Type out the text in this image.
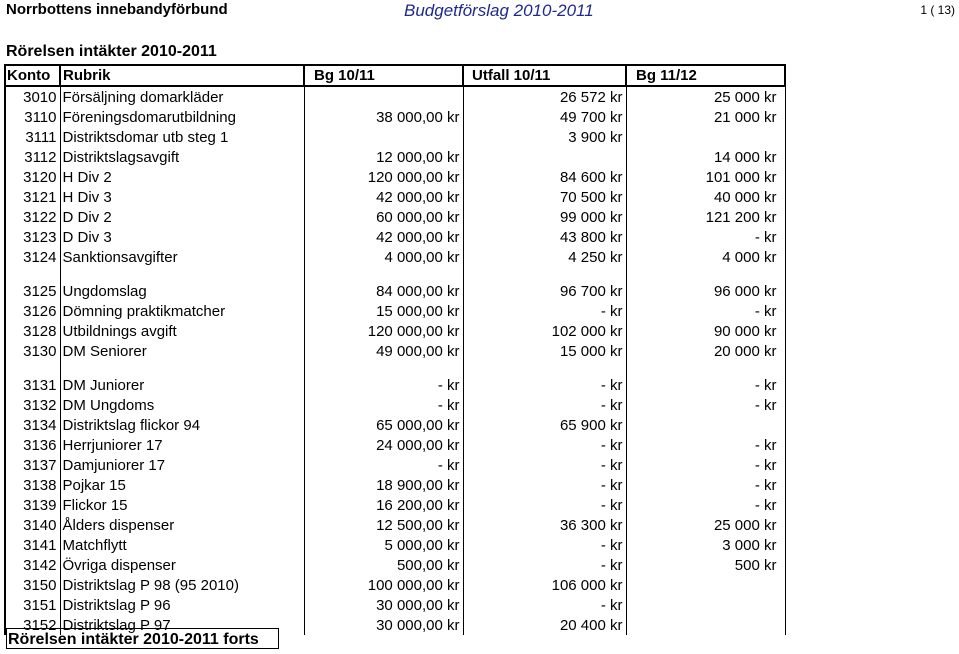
Norrbottens innebandyförbund	Budgetförslag 2010-2011	1 ( 13)
Rörelsen intäkter 2010-2011
Konto	Rubrik	Bg 10/11	Utfall 10/11	Bg 11/12
3010	Försäljning domarkläder		26 572 kr	25 000 kr
3110	Föreningsdomarutbildning	38 000,00 kr	49 700 kr	21 000 kr
3111	Distriktsdomar utb steg 1		3 900 kr	
3112	Distriktslagsavgift	12 000,00 kr		14 000 kr
3120	H Div 2	120 000,00 kr	84 600 kr	101 000 kr
3121	H Div 3	42 000,00 kr	70 500 kr	40 000 kr
3122	D Div 2	60 000,00 kr	99 000 kr	121 200 kr
3123	D Div 3	42 000,00 kr	43 800 kr	- kr
3124	Sanktionsavgifter	4 000,00 kr	4 250 kr	4 000 kr

3125	Ungdomslag	84 000,00 kr	96 700 kr	96 000 kr
3126	Dömning praktikmatcher	15 000,00 kr	- kr	- kr
3128	Utbildnings avgift	120 000,00 kr	102 000 kr	90 000 kr
3130	DM Seniorer	49 000,00 kr	15 000 kr	20 000 kr

3131	DM Juniorer	- kr	- kr	- kr
3132	DM Ungdoms	- kr	- kr	- kr
3134	Distriktslag flickor 94	65 000,00 kr	65 900 kr	
3136	Herrjuniorer 17	24 000,00 kr	- kr	- kr
3137	Damjuniorer 17	- kr	- kr	- kr
3138	Pojkar 15	18 900,00 kr	- kr	- kr
3139	Flickor 15	16 200,00 kr	- kr	- kr
3140	Ålders dispenser	12 500,00 kr	36 300 kr	25 000 kr
3141	Matchflytt	5 000,00 kr	- kr	3 000 kr
3142	Övriga dispenser	500,00 kr	- kr	500 kr
3150	Distriktslag P 98 (95 2010)	100 000,00 kr	106 000 kr	
3151	Distriktslag P 96	30 000,00 kr	- kr	
3152	Distriktslag P 97	30 000,00 kr	20 400 kr	
Rörelsen intäkter 2010-2011 forts
